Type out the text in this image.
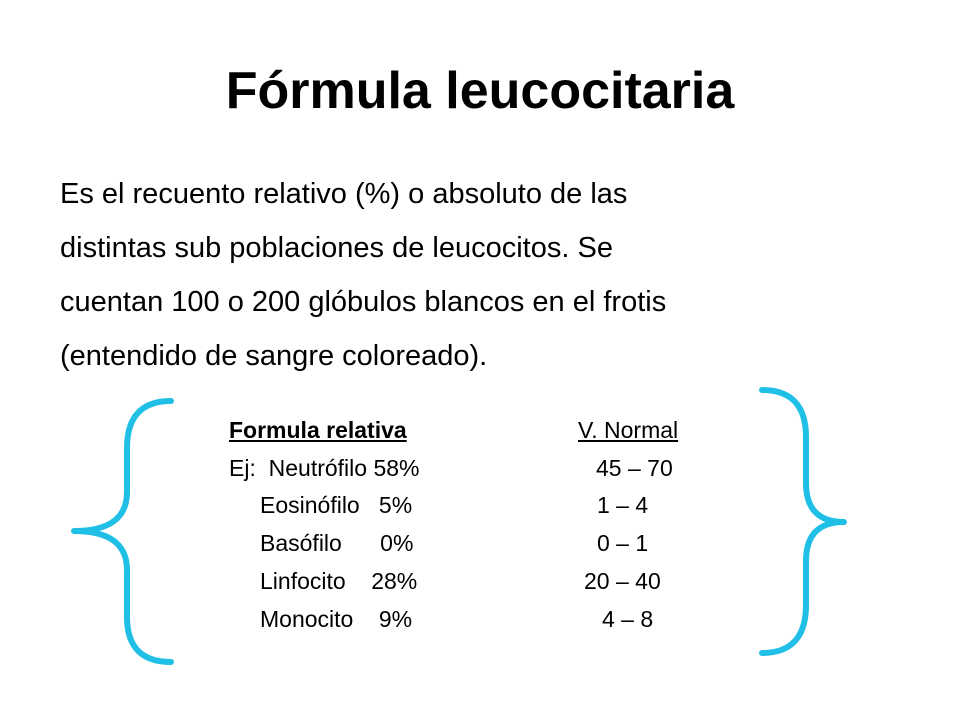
Fórmula leucocitaria
Es el recuento relativo (%) o absoluto de las
distintas sub poblaciones de leucocitos. Se
cuentan 100 o 200 glóbulos blancos en el frotis
(entendido de sangre coloreado).
Formula relativa	V. Normal
Ej:  Neutrófilo 58%	45 – 70
Eosinófilo   5%	1 – 4
Basófilo      0%	0 – 1
Linfocito    28%	20 – 40
Monocito    9%	4 – 8
